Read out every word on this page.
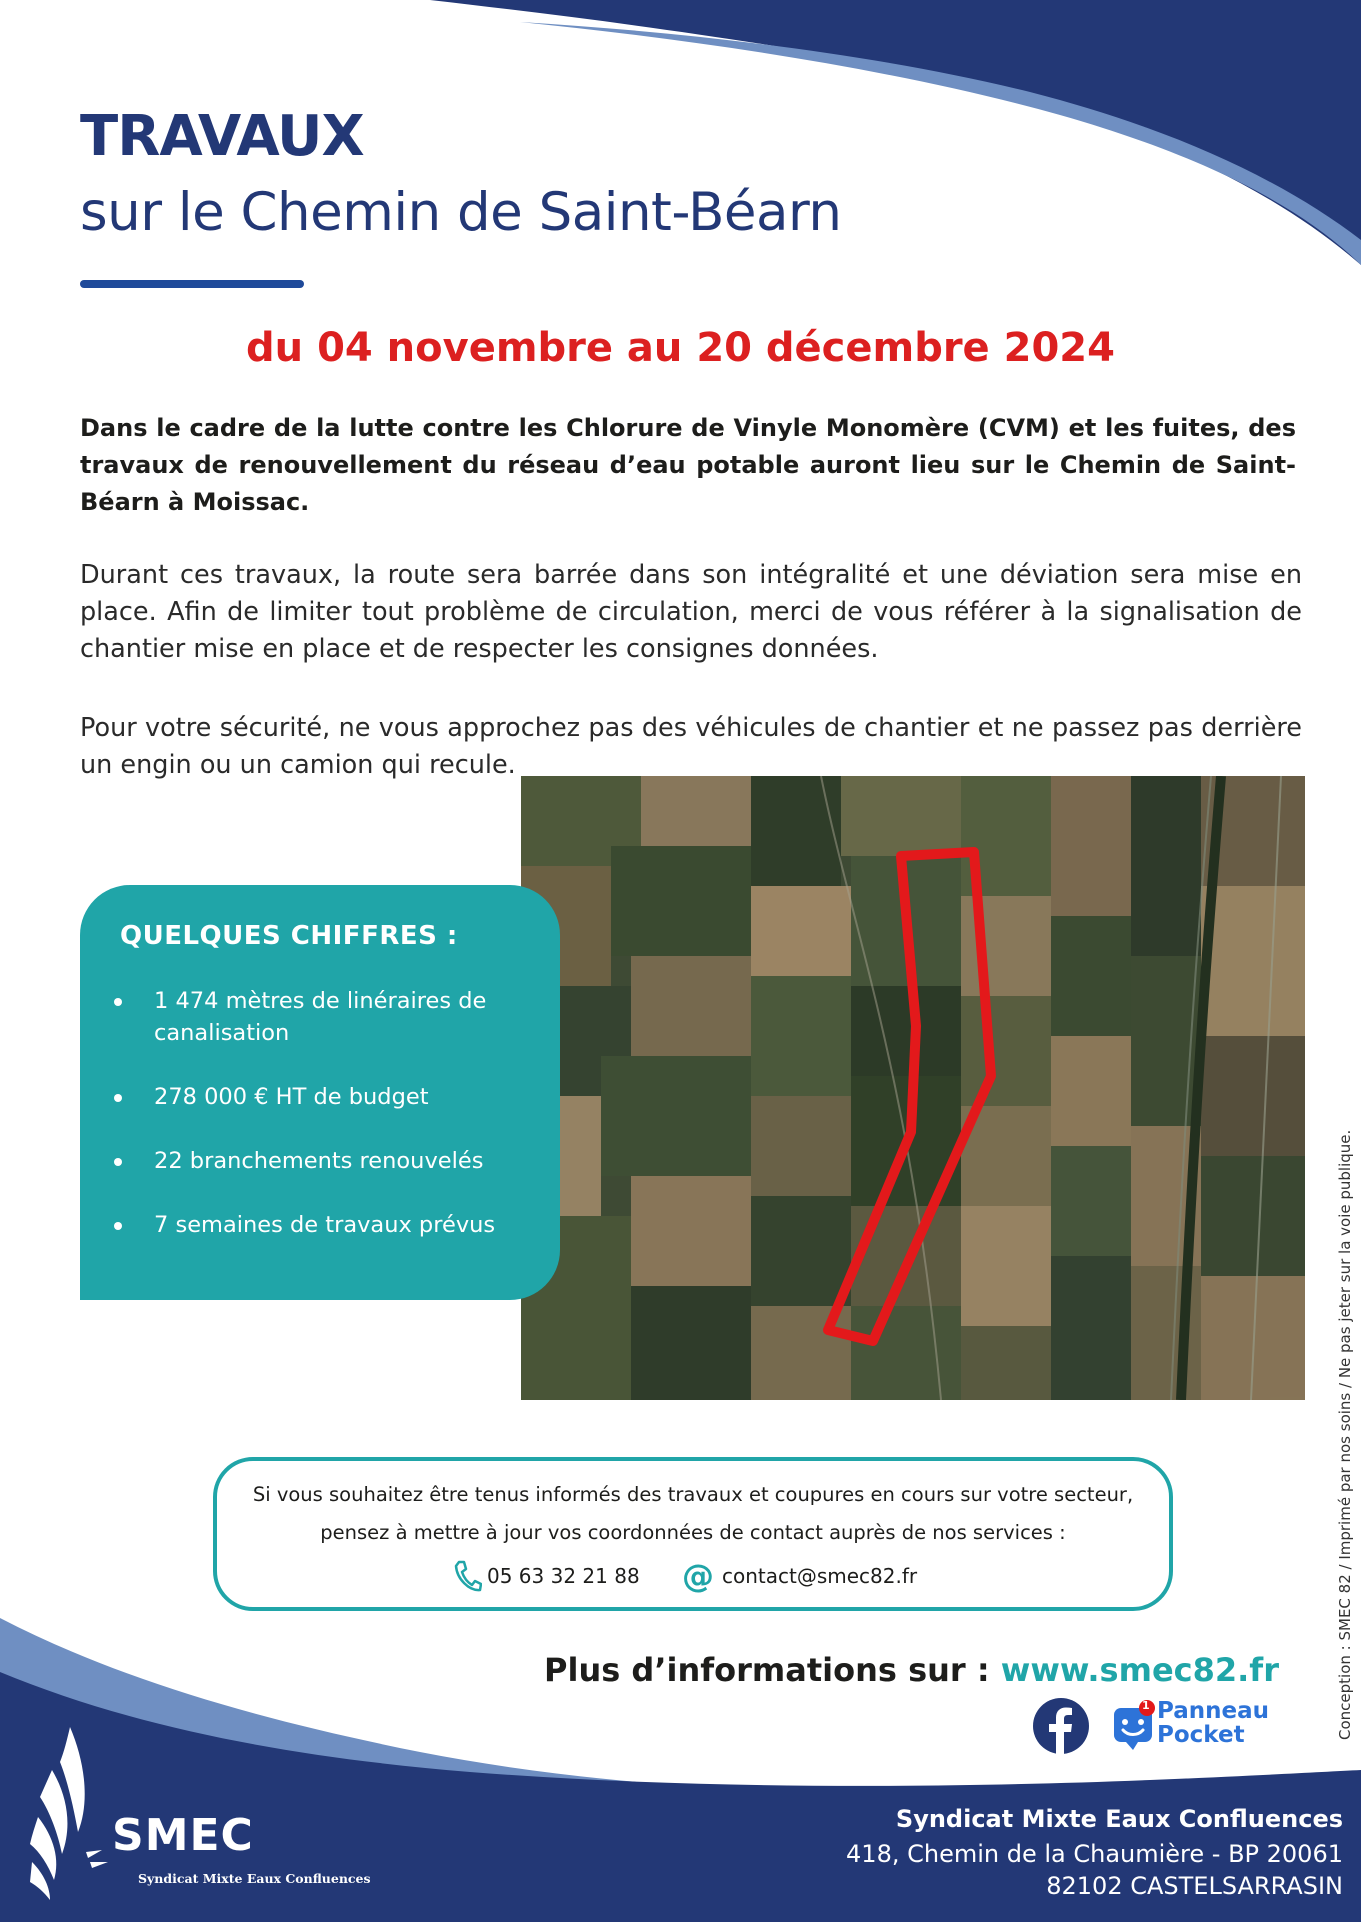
TRAVAUX
sur le Chemin de Saint-Béarn
du 04 novembre au 20 décembre 2024

Dans le cadre de la lutte contre les Chlorure de Vinyle Monomère (CVM) et les fuites, des travaux de renouvellement du réseau d’eau potable auront lieu sur le Chemin de Saint-Béarn à Moissac.

Durant ces travaux, la route sera barrée dans son intégralité et une déviation sera mise en place. Afin de limiter tout problème de circulation, merci de vous référer à la signalisation de chantier mise en place et de respecter les consignes données.

Pour votre sécurité, ne vous approchez pas des véhicules de chantier et ne passez pas derrière un engin ou un camion qui recule.

QUELQUES CHIFFRES :
1 474 mètres de linéraires de canalisation
278 000 € HT de budget
22 branchements renouvelés
7 semaines de travaux prévus
Si vous souhaitez être tenus informés des travaux et coupures en cours sur votre secteur,
pensez à mettre à jour vos coordonnées de contact auprès de nos services :
05 63 32 21 88 @ contact@smec82.fr
Plus d’informations sur : www.smec82.fr
1 Panneau
Pocket	Conception : SMEC 82 / Imprimé par nos soins / Ne pas jeter sur la voie publique.
SMEC
Syndicat Mixte Eaux Confluences
Syndicat Mixte Eaux Confluences
418, Chemin de la Chaumière - BP 20061
82102 CASTELSARRASIN
